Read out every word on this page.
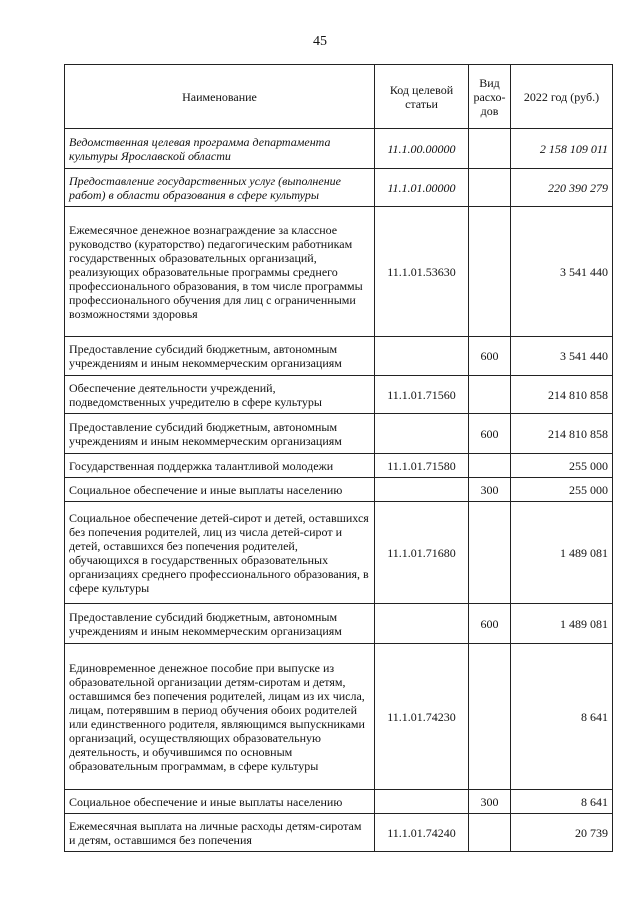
45
Наименование	Код целевой статьи	Вид расхо-дов	2022 год (руб.)
Ведомственная целевая программа департамента культуры Ярославской области	11.1.00.00000		2 158 109 011
Предоставление государственных услуг (выполнение работ) в области образования в сфере культуры	11.1.01.00000		220 390 279
Ежемесячное денежное вознаграждение за классное руководство (кураторство) педагогическим работникам государственных образовательных организаций, реализующих образовательные программы среднего профессионального образования, в том числе программы профессионального обучения для лиц с ограниченными возможностями здоровья	11.1.01.53630		3 541 440
Предоставление субсидий бюджетным, автономным учреждениям и иным некоммерческим организациям		600	3 541 440
Обеспечение деятельности учреждений, подведомственных учредителю в сфере культуры	11.1.01.71560		214 810 858
Предоставление субсидий бюджетным, автономным учреждениям и иным некоммерческим организациям		600	214 810 858
Государственная поддержка талантливой молодежи	11.1.01.71580		255 000
Социальное обеспечение и иные выплаты населению		300	255 000
Социальное обеспечение детей-сирот и детей, оставшихся без попечения родителей, лиц из числа детей-сирот и детей, оставшихся без попечения родителей, обучающихся в государственных образовательных организациях среднего профессионального образования, в сфере культуры	11.1.01.71680		1 489 081
Предоставление субсидий бюджетным, автономным учреждениям и иным некоммерческим организациям		600	1 489 081
Единовременное денежное пособие при выпуске из образовательной организации детям-сиротам и детям, оставшимся без попечения родителей, лицам из их числа, лицам, потерявшим в период обучения обоих родителей или единственного родителя, являющимся выпускниками организаций, осуществляющих образовательную деятельность, и обучившимся по основным образовательным программам, в сфере культуры	11.1.01.74230		8 641
Социальное обеспечение и иные выплаты населению		300	8 641
Ежемесячная выплата на личные расходы детям-сиротам и детям, оставшимся без попечения	11.1.01.74240		20 739
